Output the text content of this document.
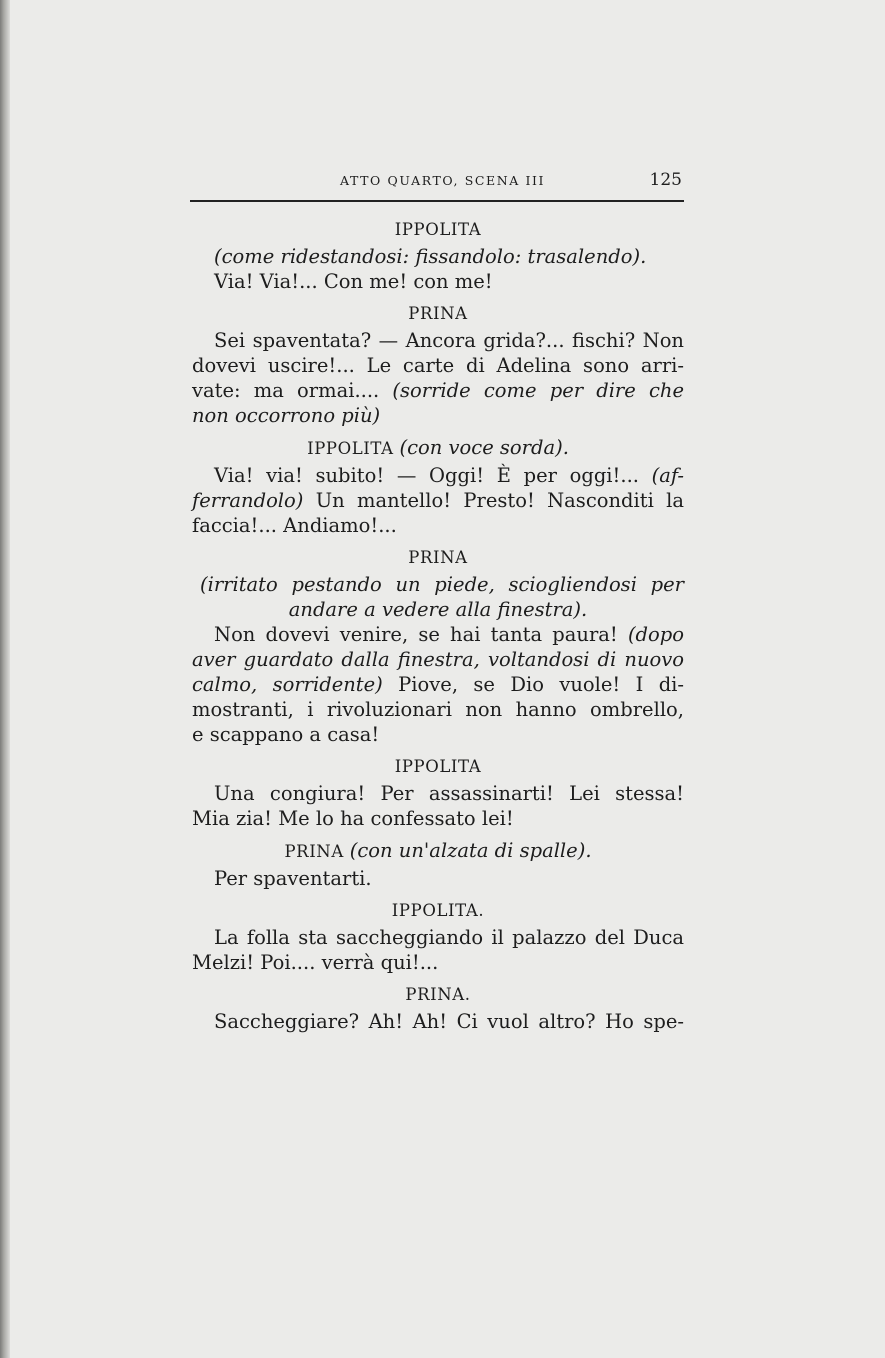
ATTO QUARTO, SCENA III	125
IPPOLITA
(come ridestandosi: fissandolo: trasalendo).
Via! Via!... Con me! con me!
PRINA
Sei spaventata? — Ancora grida?... fischi? Non
dovevi uscire!... Le carte di Adelina sono arri-
vate: ma ormai.... (sorride come per dire che
non occorrono più)
IPPOLITA (con voce sorda).
Via! via! subito! — Oggi! È per oggi!... (af-
ferrandolo) Un mantello! Presto! Nasconditi la
faccia!... Andiamo!...
PRINA
(irritato pestando un piede, sciogliendosi per
andare a vedere alla finestra).
Non dovevi venire, se hai tanta paura! (dopo
aver guardato dalla finestra, voltandosi di nuovo
calmo, sorridente) Piove, se Dio vuole! I di-
mostranti, i rivoluzionari non hanno ombrello,
e scappano a casa!
IPPOLITA
Una congiura! Per assassinarti! Lei stessa!
Mia zia! Me lo ha confessato lei!
PRINA (con un'alzata di spalle).
Per spaventarti.
IPPOLITA.
La folla sta saccheggiando il palazzo del Duca
Melzi! Poi.... verrà qui!...
PRINA.
Saccheggiare? Ah! Ah! Ci vuol altro? Ho spe-
